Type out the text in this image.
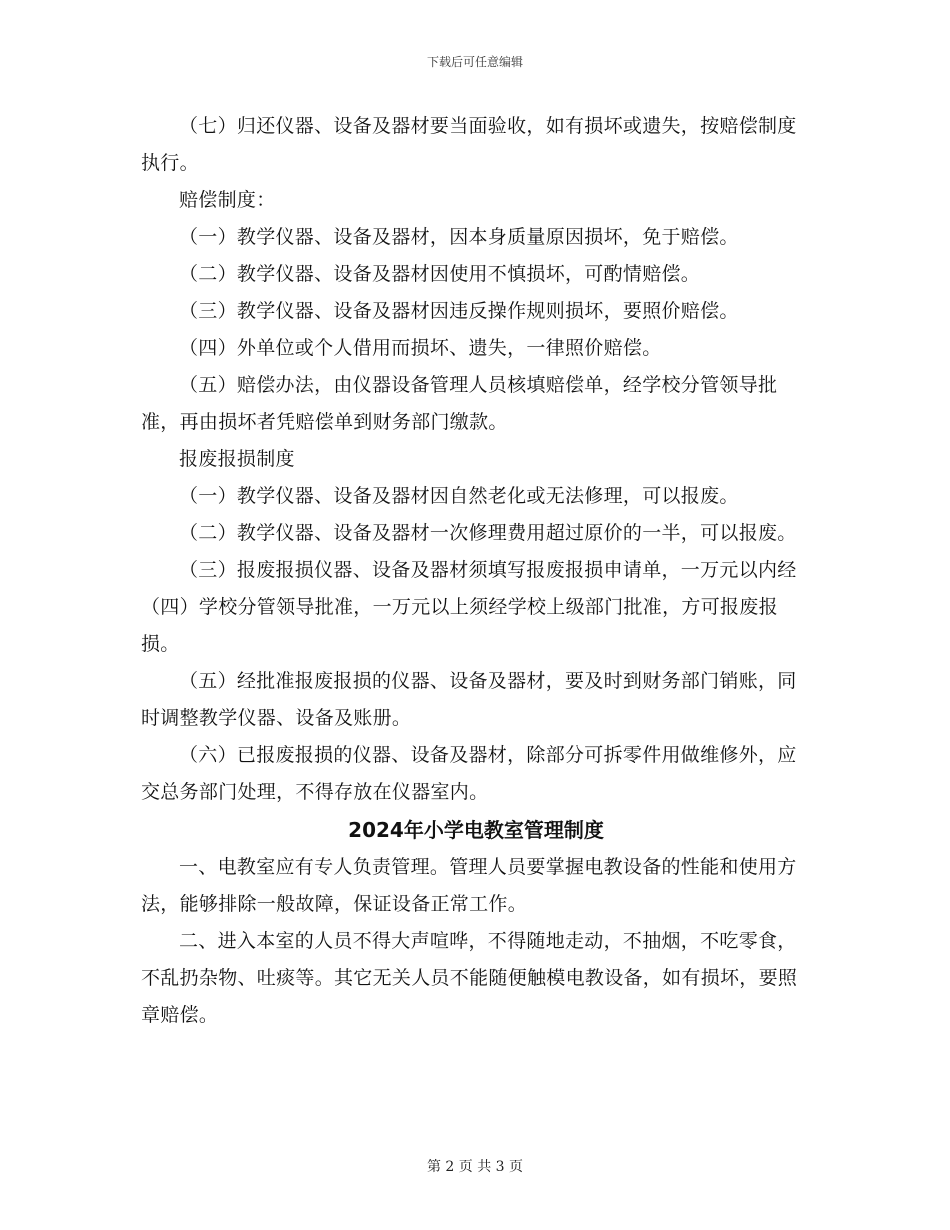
下载后可任意编辑

（七）归还仪器、设备及器材要当面验收，如有损坏或遗失，按赔偿制度执行。

赔偿制度：

（一）教学仪器、设备及器材，因本身质量原因损坏，免于赔偿。

（二）教学仪器、设备及器材因使用不慎损坏，可酌情赔偿。

（三）教学仪器、设备及器材因违反操作规则损坏，要照价赔偿。

（四）外单位或个人借用而损坏、遗失，一律照价赔偿。

（五）赔偿办法，由仪器设备管理人员核填赔偿单，经学校分管领导批准，再由损坏者凭赔偿单到财务部门缴款。

报废报损制度

（一）教学仪器、设备及器材因自然老化或无法修理，可以报废。

（二）教学仪器、设备及器材一次修理费用超过原价的一半，可以报废。

（三）报废报损仪器、设备及器材须填写报废报损申请单，一万元以内经（四）学校分管领导批准，一万元以上须经学校上级部门批准，方可报废报损。

（五）经批准报废报损的仪器、设备及器材，要及时到财务部门销账，同时调整教学仪器、设备及账册。

（六）已报废报损的仪器、设备及器材，除部分可拆零件用做维修外，应交总务部门处理，不得存放在仪器室内。

2024年小学电教室管理制度

一、电教室应有专人负责管理。管理人员要掌握电教设备的性能和使用方法，能够排除一般故障，保证设备正常工作。

二、进入本室的人员不得大声喧哗，不得随地走动，不抽烟，不吃零食，不乱扔杂物、吐痰等。其它无关人员不能随便触模电教设备，如有损坏，要照章赔偿。

第 2 页 共 3 页
